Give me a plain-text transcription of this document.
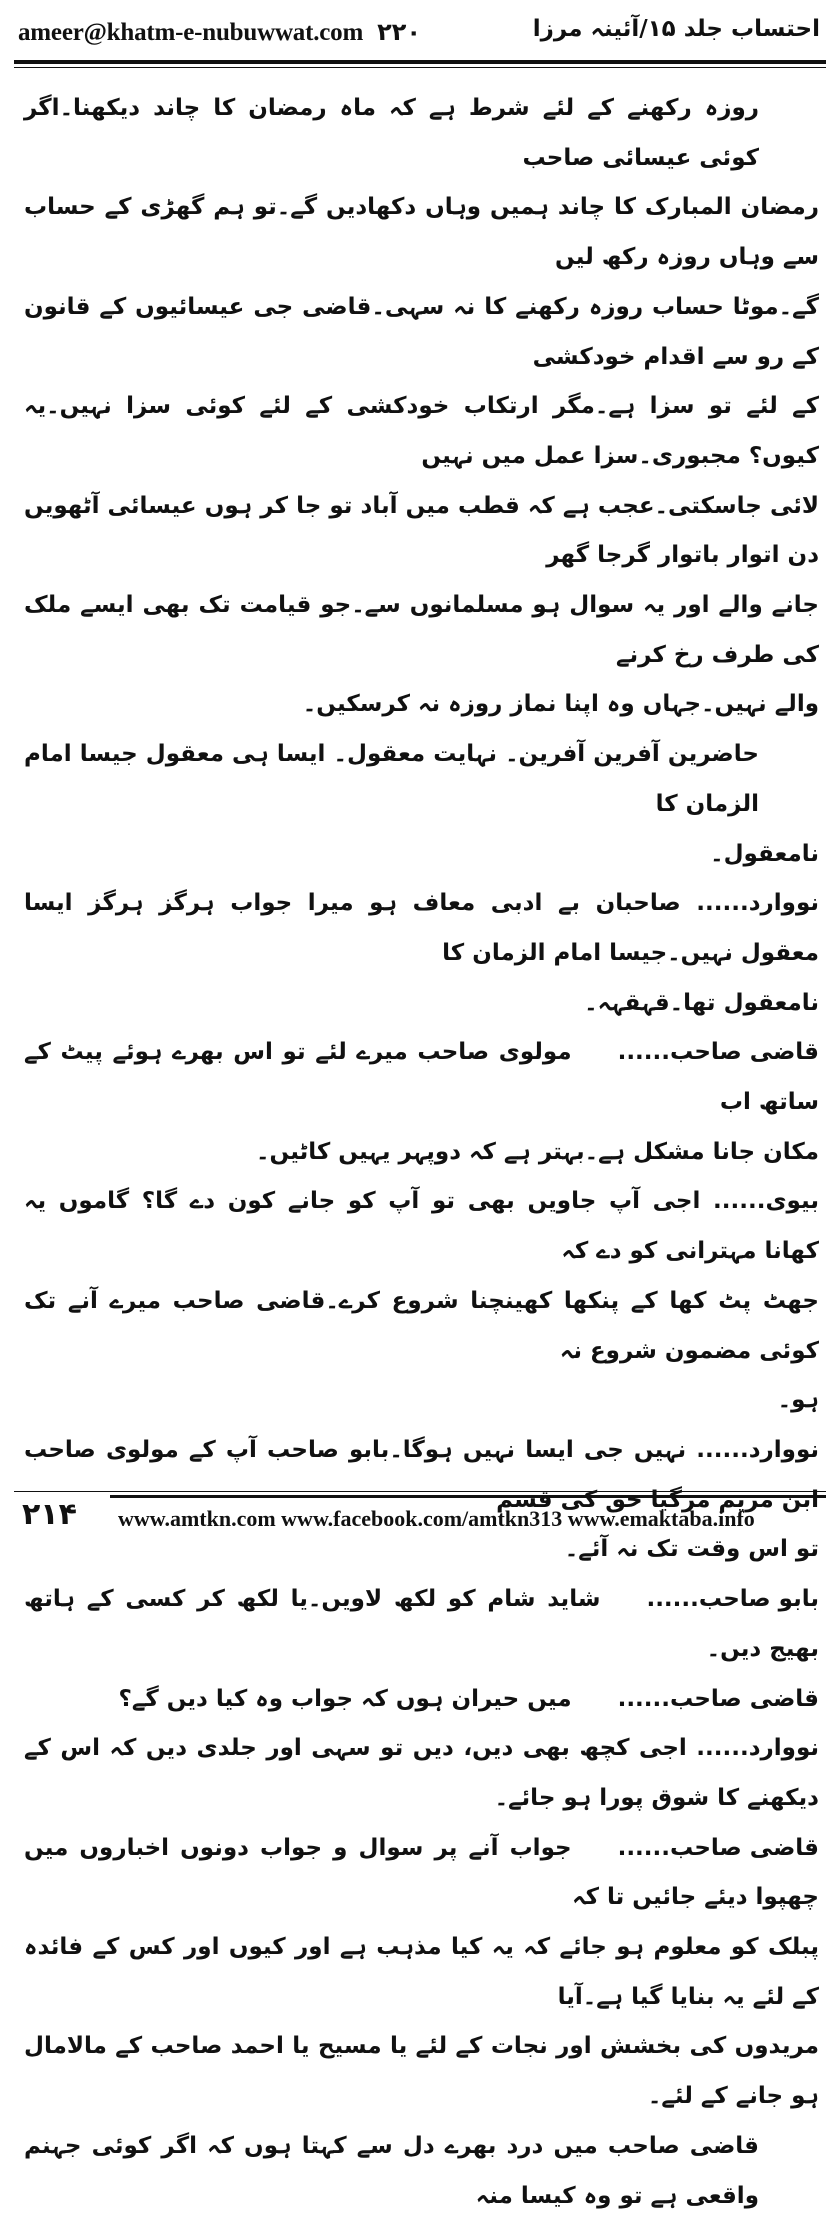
ameer@khatm-e-nubuwwat.com ۲۲۰	احتساب جلد ۱۵/آئینہ مرزا
روزہ رکھنے کے لئے شرط ہے کہ ماہ رمضان کا چاند دیکھنا۔اگر کوئی عیسائی صاحب
رمضان المبارک کا چاند ہمیں وہاں دکھادیں گے۔تو ہم گھڑی کے حساب سے وہاں روزہ رکھ لیں
گے۔موٹا حساب روزہ رکھنے کا نہ سہی۔قاضی جی عیسائیوں کے قانون کے رو سے اقدام خودکشی
کے لئے تو سزا ہے۔مگر ارتکاب خودکشی کے لئے کوئی سزا نہیں۔یہ کیوں؟ مجبوری۔سزا عمل میں نہیں
لائی جاسکتی۔عجب ہے کہ قطب میں آباد تو جا کر ہوں عیسائی آٹھویں دن اتوار باتوار گرجا گھر
جانے والے اور یہ سوال ہو مسلمانوں سے۔جو قیامت تک بھی ایسے ملک کی طرف رخ کرنے
والے نہیں۔جہاں وہ اپنا نماز روزہ نہ کرسکیں۔
حاضرین آفرین آفرین۔ نہایت معقول۔ ایسا ہی معقول جیسا امام الزمان کا
نامعقول۔
نووارد...... صاحبان بے ادبی معاف ہو میرا جواب ہرگز ہرگز ایسا معقول نہیں۔جیسا امام الزمان کا
نامعقول تھا۔قہقہہ۔
قاضی صاحب......مولوی صاحب میرے لئے تو اس بھرے ہوئے پیٹ کے ساتھ اب
مکان جانا مشکل ہے۔بہتر ہے کہ دوپہر یہیں کاٹیں۔
بیوی...... اجی آپ جاویں بھی تو آپ کو جانے کون دے گا؟ گاموں یہ کھانا مہترانی کو دے کہ
جھٹ پٹ کھا کے پنکھا کھینچنا شروع کرے۔قاضی صاحب میرے آنے تک کوئی مضمون شروع نہ
ہو۔
نووارد...... نہیں جی ایسا نہیں ہوگا۔بابو صاحب آپ کے مولوی صاحب ابن مریم مرگیا حق کی قسم
تو اس وقت تک نہ آئے۔
بابو صاحب......شاید شام کو لکھ لاویں۔یا لکھ کر کسی کے ہاتھ بھیج دیں۔
قاضی صاحب......میں حیران ہوں کہ جواب وہ کیا دیں گے؟
نووارد...... اجی کچھ بھی دیں، دیں تو سہی اور جلدی دیں کہ اس کے دیکھنے کا شوق پورا ہو جائے۔
قاضی صاحب......جواب آنے پر سوال و جواب دونوں اخباروں میں چھپوا دیئے جائیں تا کہ
پبلک کو معلوم ہو جائے کہ یہ کیا مذہب ہے اور کیوں اور کس کے فائدہ کے لئے یہ بنایا گیا ہے۔آیا
مریدوں کی بخشش اور نجات کے لئے یا مسیح یا احمد صاحب کے مالامال ہو جانے کے لئے۔
قاضی صاحب میں درد بھرے دل سے کہتا ہوں کہ اگر کوئی جہنم واقعی ہے تو وہ کیسا منہ
۲۱۴ www.amtkn.com www.facebook.com/amtkn313 www.emaktaba.info
